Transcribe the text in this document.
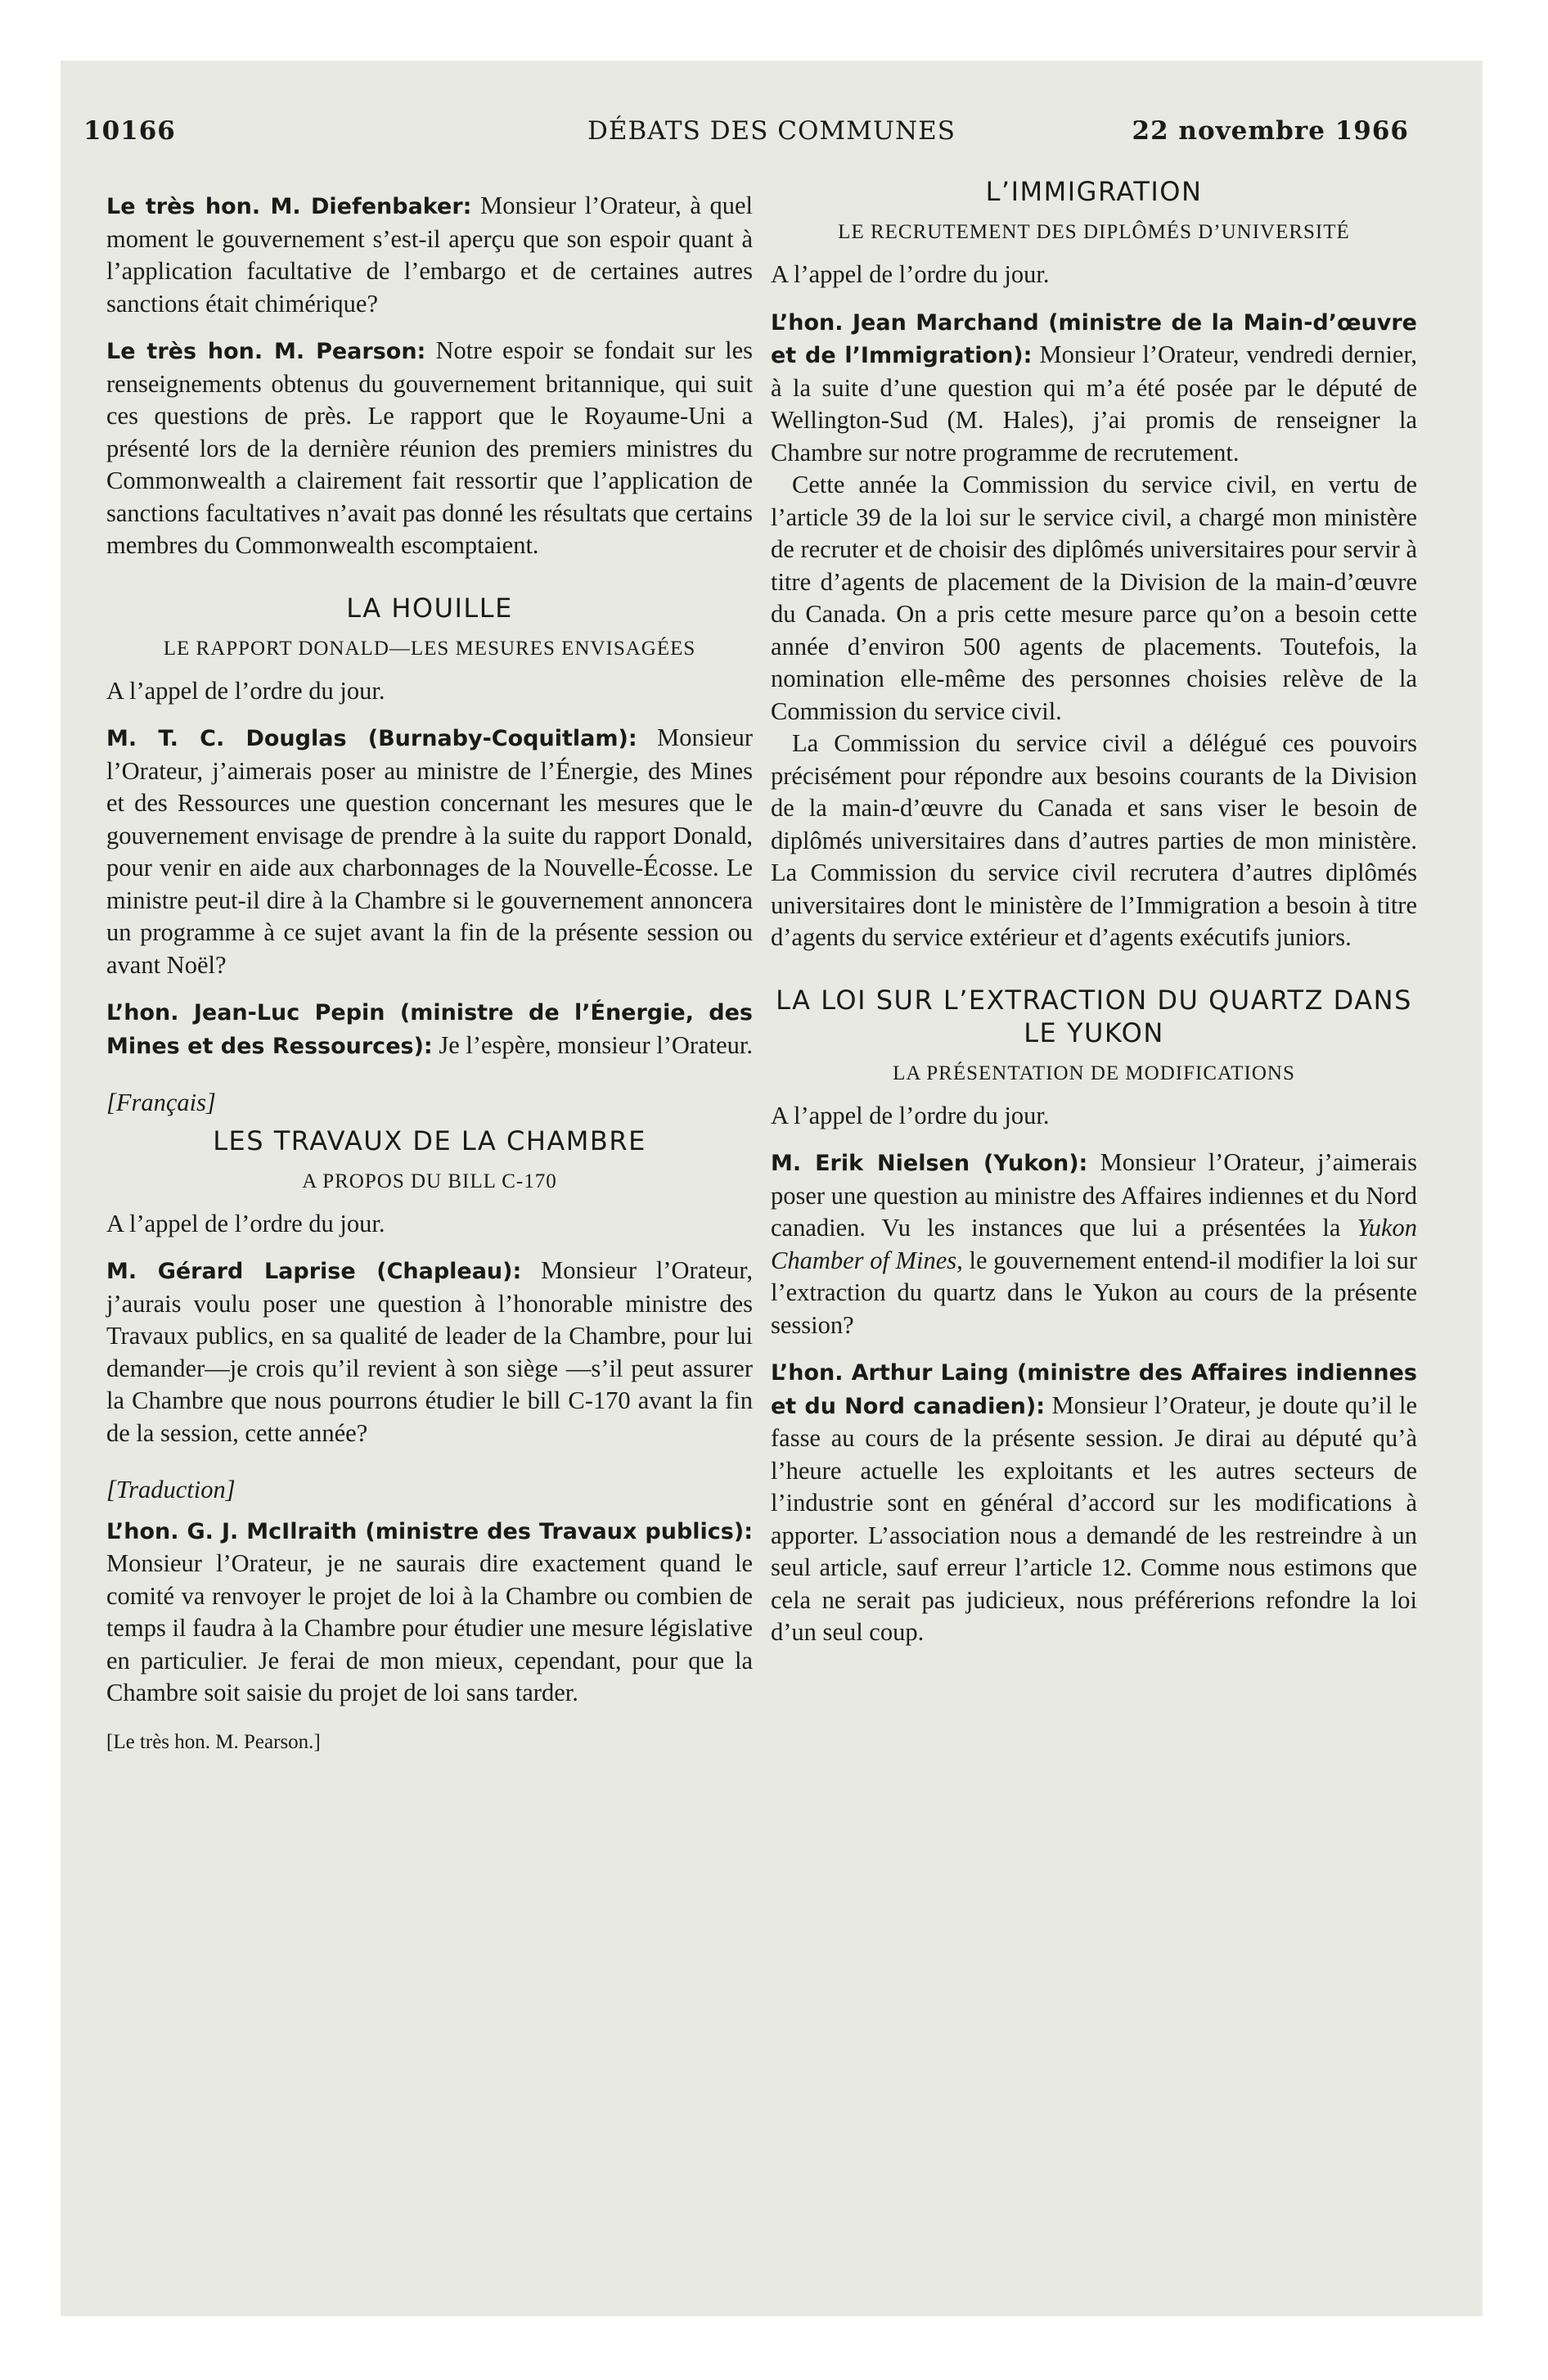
10166	DÉBATS DES COMMUNES	22 novembre 1966

Le très hon. M. Diefenbaker: Monsieur l’Orateur, à quel moment le gouvernement s’est-il aperçu que son espoir quant à l’application facultative de l’embargo et de certaines autres sanctions était chimérique?

Le très hon. M. Pearson: Notre espoir se fondait sur les renseignements obtenus du gouvernement britannique, qui suit ces questions de près. Le rapport que le Royaume-Uni a présenté lors de la dernière réunion des premiers ministres du Commonwealth a clairement fait ressortir que l’application de sanctions facultatives n’avait pas donné les résultats que certains membres du Commonwealth escomptaient.

LA HOUILLE
LE RAPPORT DONALD—LES MESURES ENVISAGÉES

A l’appel de l’ordre du jour.

M. T. C. Douglas (Burnaby-Coquitlam): Monsieur l’Orateur, j’aimerais poser au ministre de l’Énergie, des Mines et des Ressources une question concernant les mesures que le gouvernement envisage de prendre à la suite du rapport Donald, pour venir en aide aux charbonnages de la Nouvelle-Écosse. Le ministre peut-il dire à la Chambre si le gouvernement annoncera un programme à ce sujet avant la fin de la présente session ou avant Noël?

L’hon. Jean-Luc Pepin (ministre de l’Énergie, des Mines et des Ressources): Je l’espère, monsieur l’Orateur.

[Français]

LES TRAVAUX DE LA CHAMBRE
A PROPOS DU BILL C-170

A l’appel de l’ordre du jour.

M. Gérard Laprise (Chapleau): Monsieur l’Orateur, j’aurais voulu poser une question à l’honorable ministre des Travaux publics, en sa qualité de leader de la Chambre, pour lui demander—je crois qu’il revient à son siège —s’il peut assurer la Chambre que nous pourrons étudier le bill C-170 avant la fin de la session, cette année?

[Traduction]

L’hon. G. J. McIlraith (ministre des Travaux publics): Monsieur l’Orateur, je ne saurais dire exactement quand le comité va renvoyer le projet de loi à la Chambre ou combien de temps il faudra à la Chambre pour étudier une mesure législative en particulier. Je ferai de mon mieux, cependant, pour que la Chambre soit saisie du projet de loi sans tarder.

[Le très hon. M. Pearson.]

L’IMMIGRATION
LE RECRUTEMENT DES DIPLÔMÉS D’UNIVERSITÉ

A l’appel de l’ordre du jour.

L’hon. Jean Marchand (ministre de la Main-d’œuvre et de l’Immigration): Monsieur l’Orateur, vendredi dernier, à la suite d’une question qui m’a été posée par le député de Wellington-Sud (M. Hales), j’ai promis de renseigner la Chambre sur notre programme de recrutement.

Cette année la Commission du service civil, en vertu de l’article 39 de la loi sur le service civil, a chargé mon ministère de recruter et de choisir des diplômés universitaires pour servir à titre d’agents de placement de la Division de la main-d’œuvre du Canada. On a pris cette mesure parce qu’on a besoin cette année d’environ 500 agents de placements. Toutefois, la nomination elle-même des personnes choisies relève de la Commission du service civil.

La Commission du service civil a délégué ces pouvoirs précisément pour répondre aux besoins courants de la Division de la main-d’œuvre du Canada et sans viser le besoin de diplômés universitaires dans d’autres parties de mon ministère. La Commission du service civil recrutera d’autres diplômés universitaires dont le ministère de l’Immigration a besoin à titre d’agents du service extérieur et d’agents exécutifs juniors.

LA LOI SUR L’EXTRACTION DU QUARTZ DANS LE YUKON
LA PRÉSENTATION DE MODIFICATIONS

A l’appel de l’ordre du jour.

M. Erik Nielsen (Yukon): Monsieur l’Orateur, j’aimerais poser une question au ministre des Affaires indiennes et du Nord canadien. Vu les instances que lui a présentées la Yukon Chamber of Mines, le gouvernement entend-il modifier la loi sur l’extraction du quartz dans le Yukon au cours de la présente session?

L’hon. Arthur Laing (ministre des Affaires indiennes et du Nord canadien): Monsieur l’Orateur, je doute qu’il le fasse au cours de la présente session. Je dirai au député qu’à l’heure actuelle les exploitants et les autres secteurs de l’industrie sont en général d’accord sur les modifications à apporter. L’association nous a demandé de les restreindre à un seul article, sauf erreur l’article 12. Comme nous estimons que cela ne serait pas judicieux, nous préférerions refondre la loi d’un seul coup.
